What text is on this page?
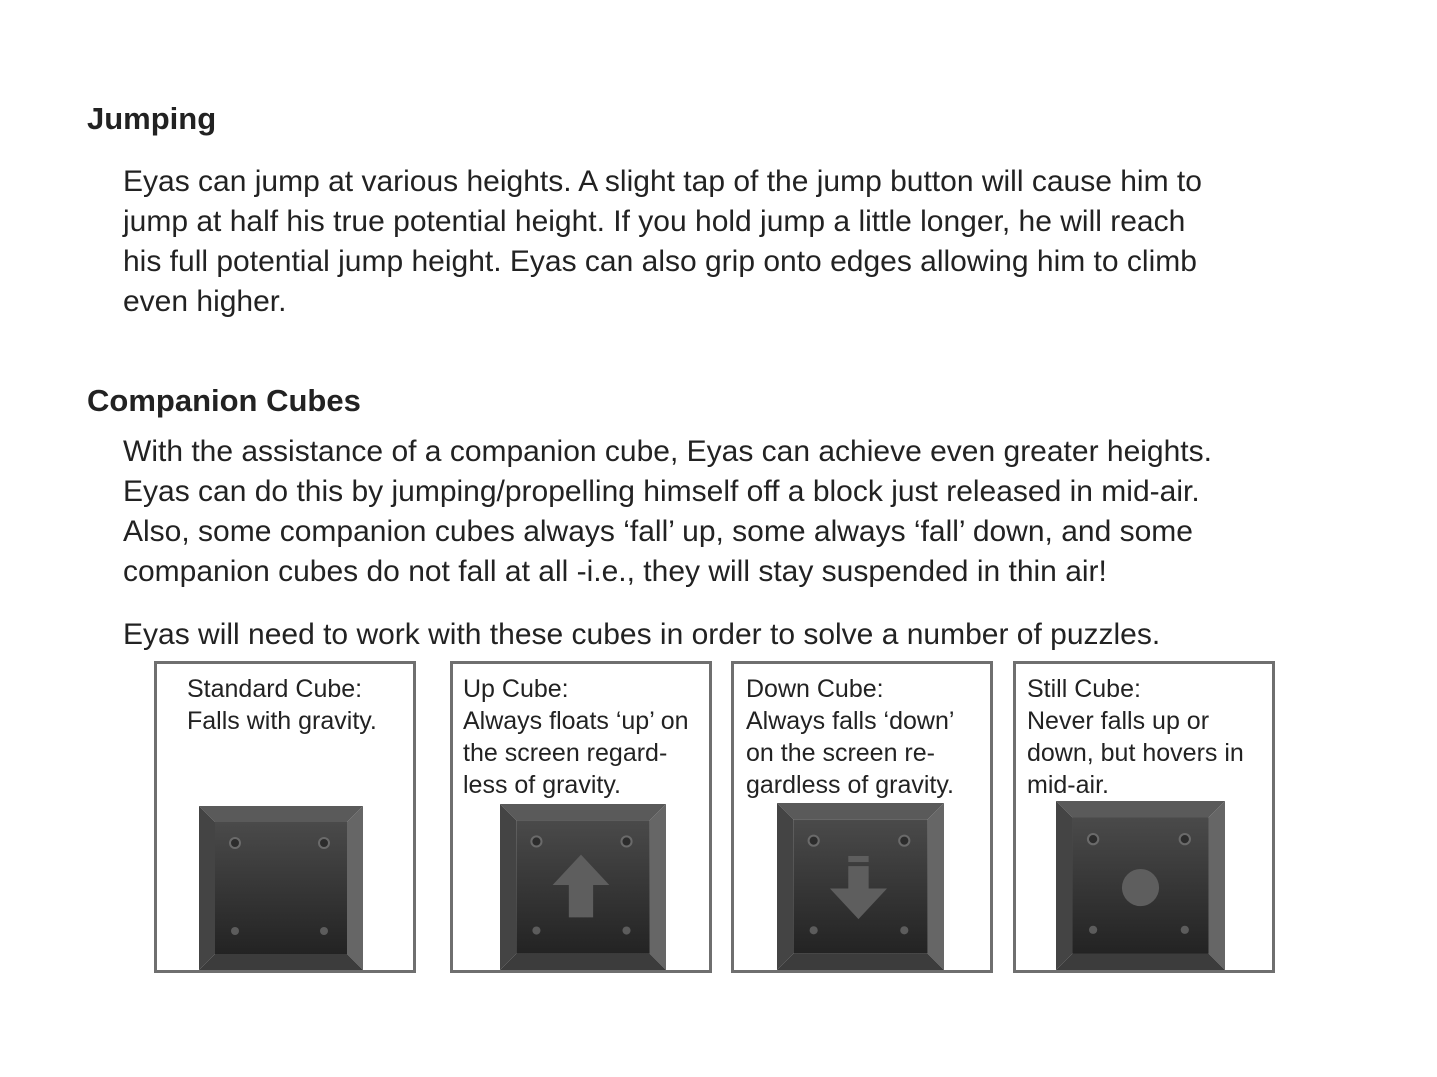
Jumping
Eyas can jump at various heights. A slight tap of the jump button will cause him to
jump at half his true potential height. If you hold jump a little longer, he will reach
his full potential jump height. Eyas can also grip onto edges allowing him to climb
even higher.
Companion Cubes
With the assistance of a companion cube, Eyas can achieve even greater heights.
Eyas can do this by jumping/propelling himself off a block just released in mid-air.
Also, some companion cubes always ‘fall’ up, some always ‘fall’ down, and some
companion cubes do not fall at all -i.e., they will stay suspended in thin air!
Eyas will need to work with these cubes in order to solve a number of puzzles.
Standard Cube:
Falls with gravity.
Up Cube:
Always floats ‘up’ on
the screen regard-
less of gravity.
Down Cube:
Always falls ‘down’
on the screen re-
gardless of gravity.
Still Cube:
Never falls up or
down, but hovers in
mid-air.
